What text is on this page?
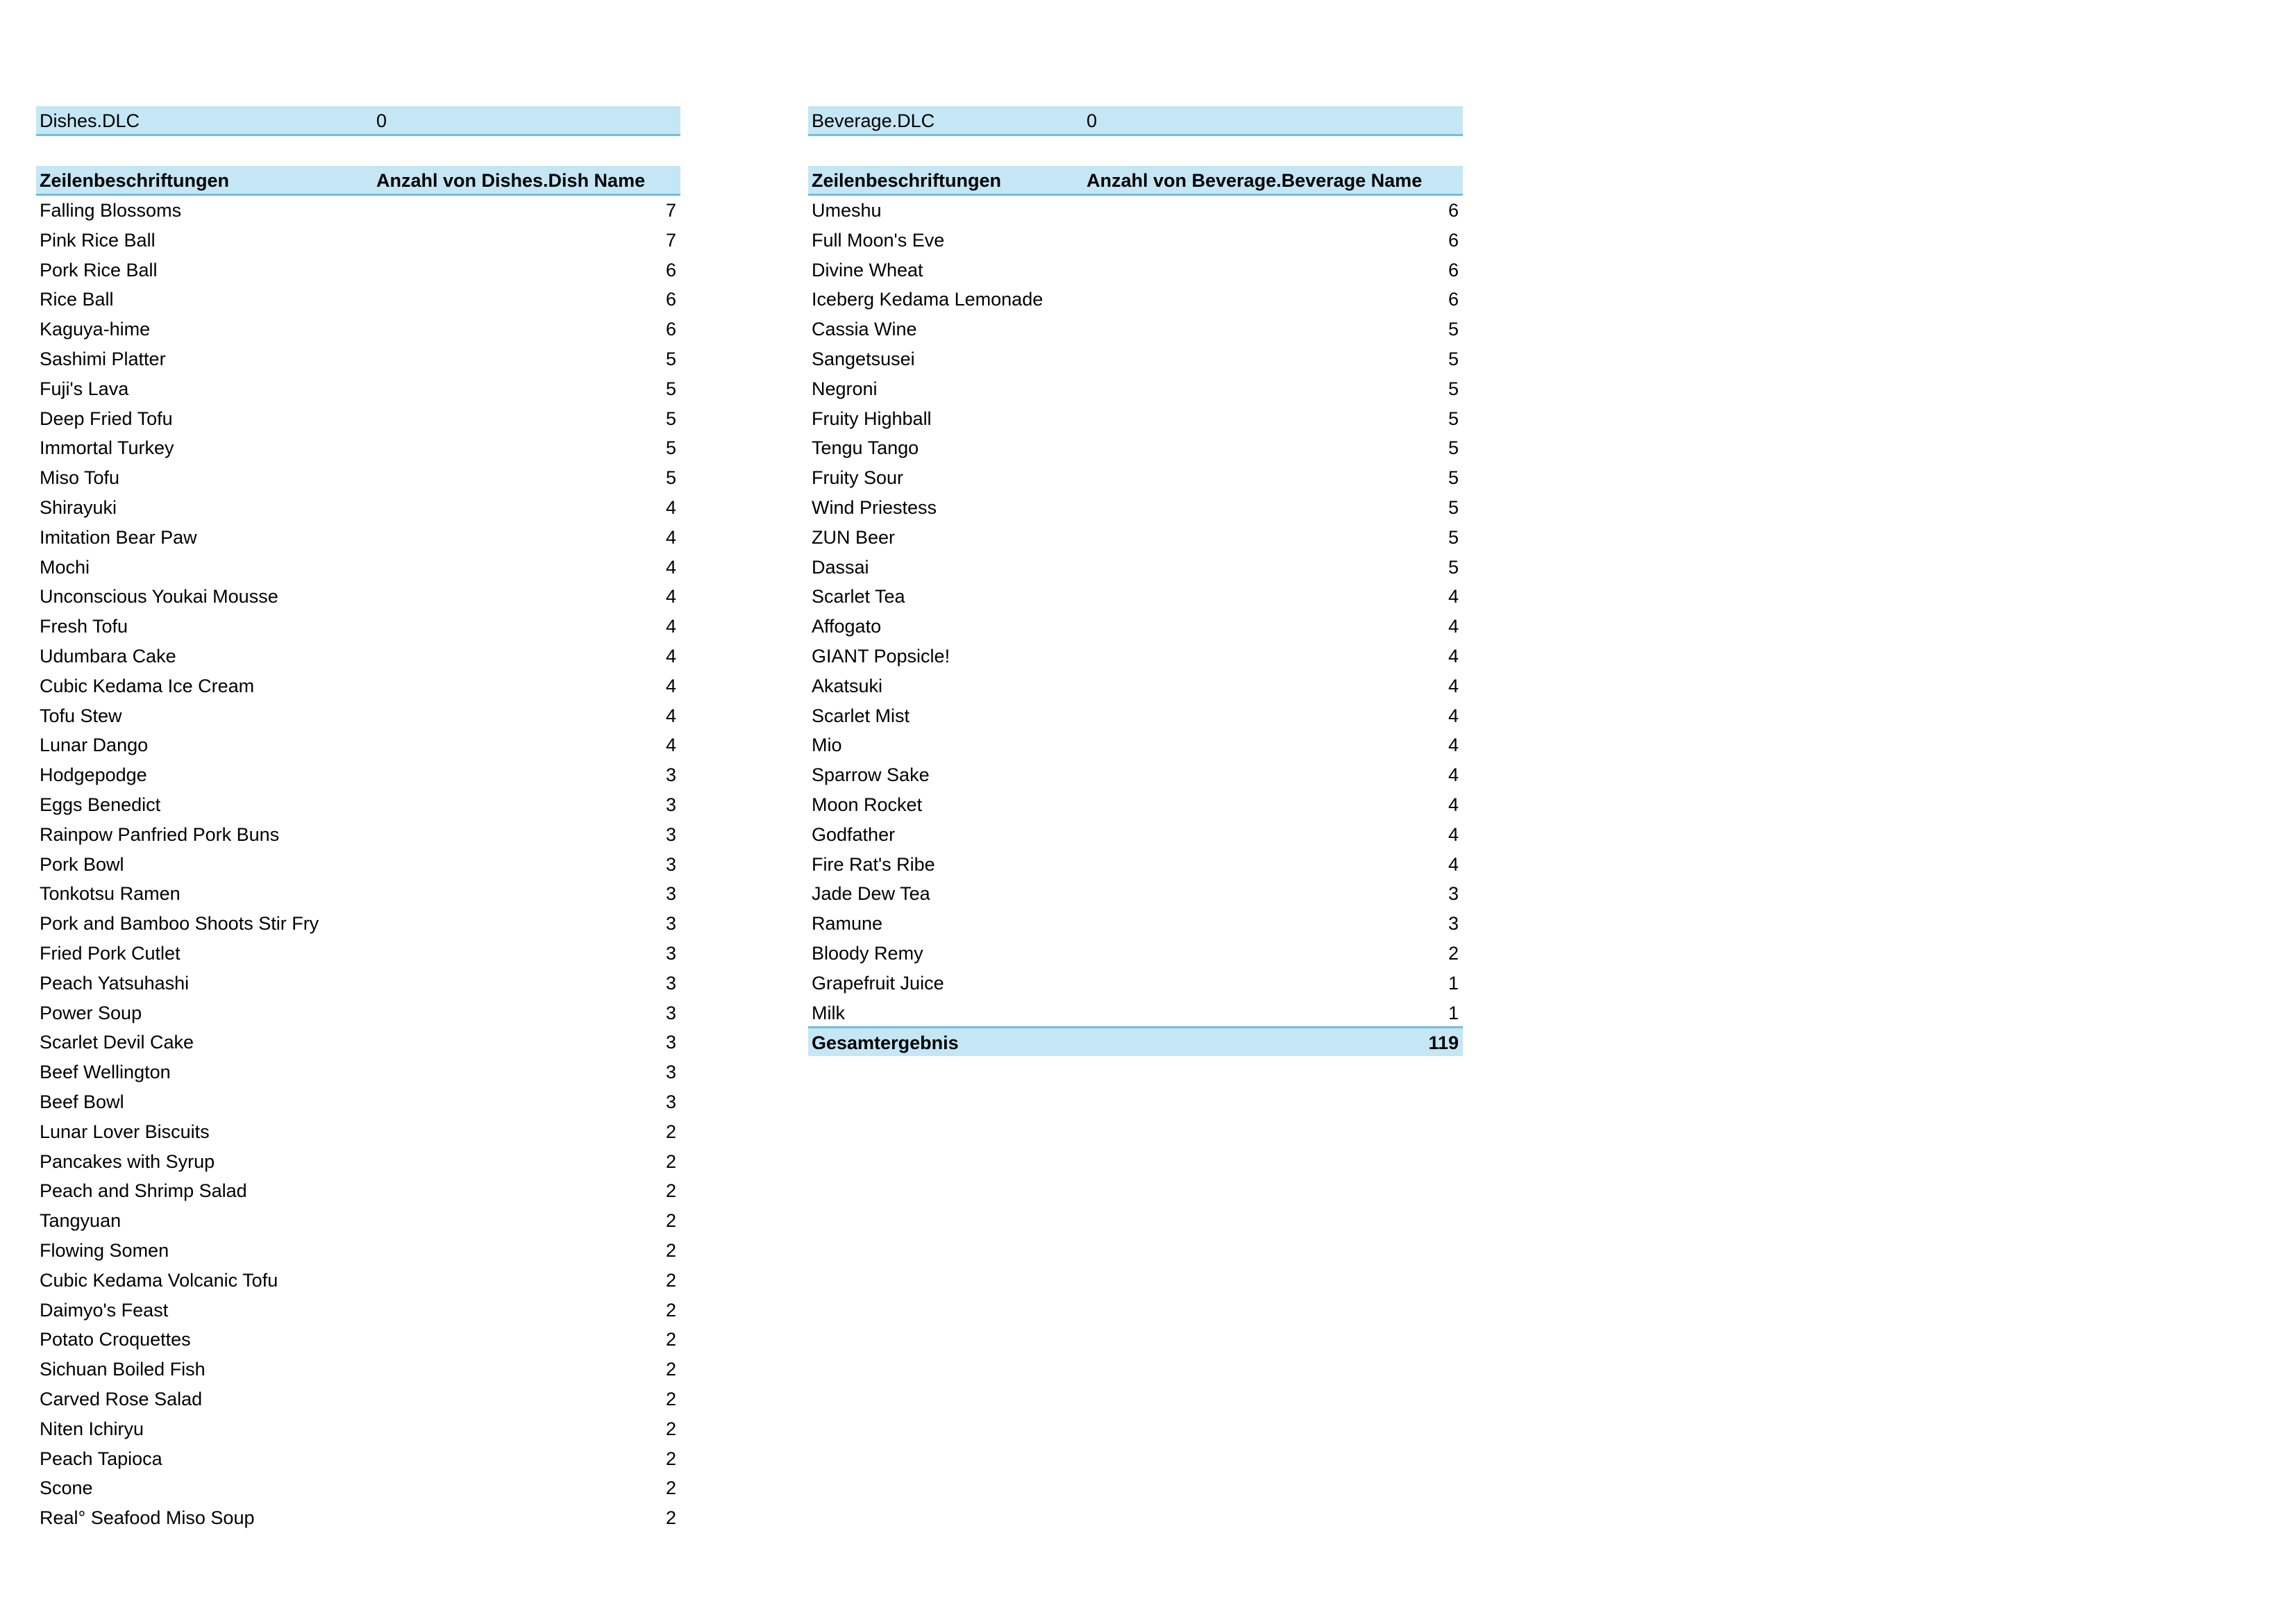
Dishes.DLC	0
Zeilenbeschriftungen	Anzahl von Dishes.Dish Name
Falling Blossoms	7
Pink Rice Ball	7
Pork Rice Ball	6
Rice Ball	6
Kaguya-hime	6
Sashimi Platter	5
Fuji's Lava	5
Deep Fried Tofu	5
Immortal Turkey	5
Miso Tofu	5
Shirayuki	4
Imitation Bear Paw	4
Mochi	4
Unconscious Youkai Mousse	4
Fresh Tofu	4
Udumbara Cake	4
Cubic Kedama Ice Cream	4
Tofu Stew	4
Lunar Dango	4
Hodgepodge	3
Eggs Benedict	3
Rainpow Panfried Pork Buns	3
Pork Bowl	3
Tonkotsu Ramen	3
Pork and Bamboo Shoots Stir Fry	3
Fried Pork Cutlet	3
Peach Yatsuhashi	3
Power Soup	3
Scarlet Devil Cake	3
Beef Wellington	3
Beef Bowl	3
Lunar Lover Biscuits	2
Pancakes with Syrup	2
Peach and Shrimp Salad	2
Tangyuan	2
Flowing Somen	2
Cubic Kedama Volcanic Tofu	2
Daimyo's Feast	2
Potato Croquettes	2
Sichuan Boiled Fish	2
Carved Rose Salad	2
Niten Ichiryu	2
Peach Tapioca	2
Scone	2
Real° Seafood Miso Soup	2
Beverage.DLC	0
Zeilenbeschriftungen	Anzahl von Beverage.Beverage Name
Umeshu	6
Full Moon's Eve	6
Divine Wheat	6
Iceberg Kedama Lemonade	6
Cassia Wine	5
Sangetsusei	5
Negroni	5
Fruity Highball	5
Tengu Tango	5
Fruity Sour	5
Wind Priestess	5
ZUN Beer	5
Dassai	5
Scarlet Tea	4
Affogato	4
GIANT Popsicle!	4
Akatsuki	4
Scarlet Mist	4
Mio	4
Sparrow Sake	4
Moon Rocket	4
Godfather	4
Fire Rat's Ribe	4
Jade Dew Tea	3
Ramune	3
Bloody Remy	2
Grapefruit Juice	1
Milk	1
Gesamtergebnis	119
